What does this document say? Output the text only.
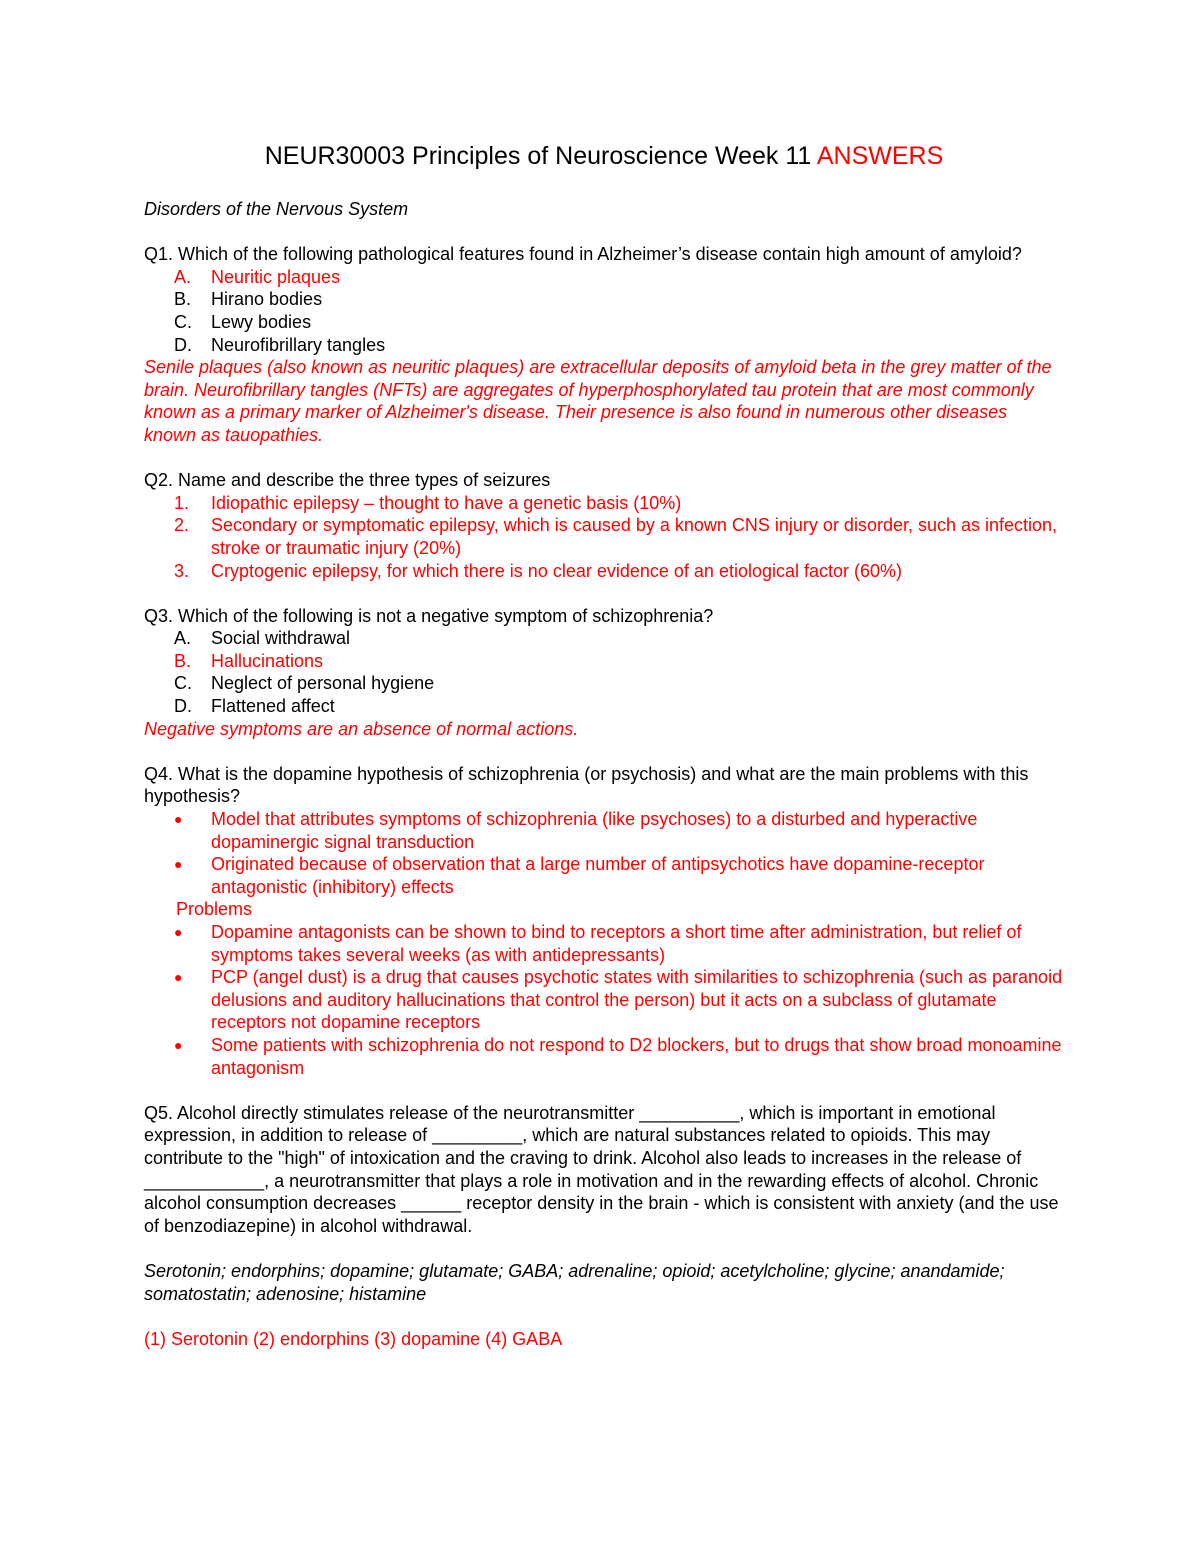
NEUR30003 Principles of Neuroscience Week 11 ANSWERS

Disorders of the Nervous System

Q1. Which of the following pathological features found in Alzheimer’s disease contain high amount of amyloid?

A. Neuritic plaques
B. Hirano bodies
C. Lewy bodies
D. Neurofibrillary tangles

Senile plaques (also known as neuritic plaques) are extracellular deposits of amyloid beta in the grey matter of the brain. Neurofibrillary tangles (NFTs) are aggregates of hyperphosphorylated tau protein that are most commonly known as a primary marker of Alzheimer's disease. Their presence is also found in numerous other diseases known as tauopathies.

Q2. Name and describe the three types of seizures

1. Idiopathic epilepsy – thought to have a genetic basis (10%)
2. Secondary or symptomatic epilepsy, which is caused by a known CNS injury or disorder, such as infection, stroke or traumatic injury (20%)
3. Cryptogenic epilepsy, for which there is no clear evidence of an etiological factor (60%)

Q3. Which of the following is not a negative symptom of schizophrenia?

A. Social withdrawal
B. Hallucinations
C. Neglect of personal hygiene
D. Flattened affect

Negative symptoms are an absence of normal actions.

Q4. What is the dopamine hypothesis of schizophrenia (or psychosis) and what are the main problems with this hypothesis?

● Model that attributes symptoms of schizophrenia (like psychoses) to a disturbed and hyperactive dopaminergic signal transduction
● Originated because of observation that a large number of antipsychotics have dopamine-receptor antagonistic (inhibitory) effects

Problems

● Dopamine antagonists can be shown to bind to receptors a short time after administration, but relief of symptoms takes several weeks (as with antidepressants)
● PCP (angel dust) is a drug that causes psychotic states with similarities to schizophrenia (such as paranoid delusions and auditory hallucinations that control the person) but it acts on a subclass of glutamate receptors not dopamine receptors
● Some patients with schizophrenia do not respond to D2 blockers, but to drugs that show broad monoamine antagonism

Q5. Alcohol directly stimulates release of the neurotransmitter __________, which is important in emotional expression, in addition to release of _________, which are natural substances related to opioids. This may contribute to the "high" of intoxication and the craving to drink. Alcohol also leads to increases in the release of ____________, a neurotransmitter that plays a role in motivation and in the rewarding effects of alcohol. Chronic alcohol consumption decreases ______ receptor density in the brain - which is consistent with anxiety (and the use of benzodiazepine) in alcohol withdrawal.

Serotonin; endorphins; dopamine; glutamate; GABA; adrenaline; opioid; acetylcholine; glycine; anandamide; somatostatin; adenosine; histamine

(1) Serotonin (2) endorphins (3) dopamine (4) GABA
